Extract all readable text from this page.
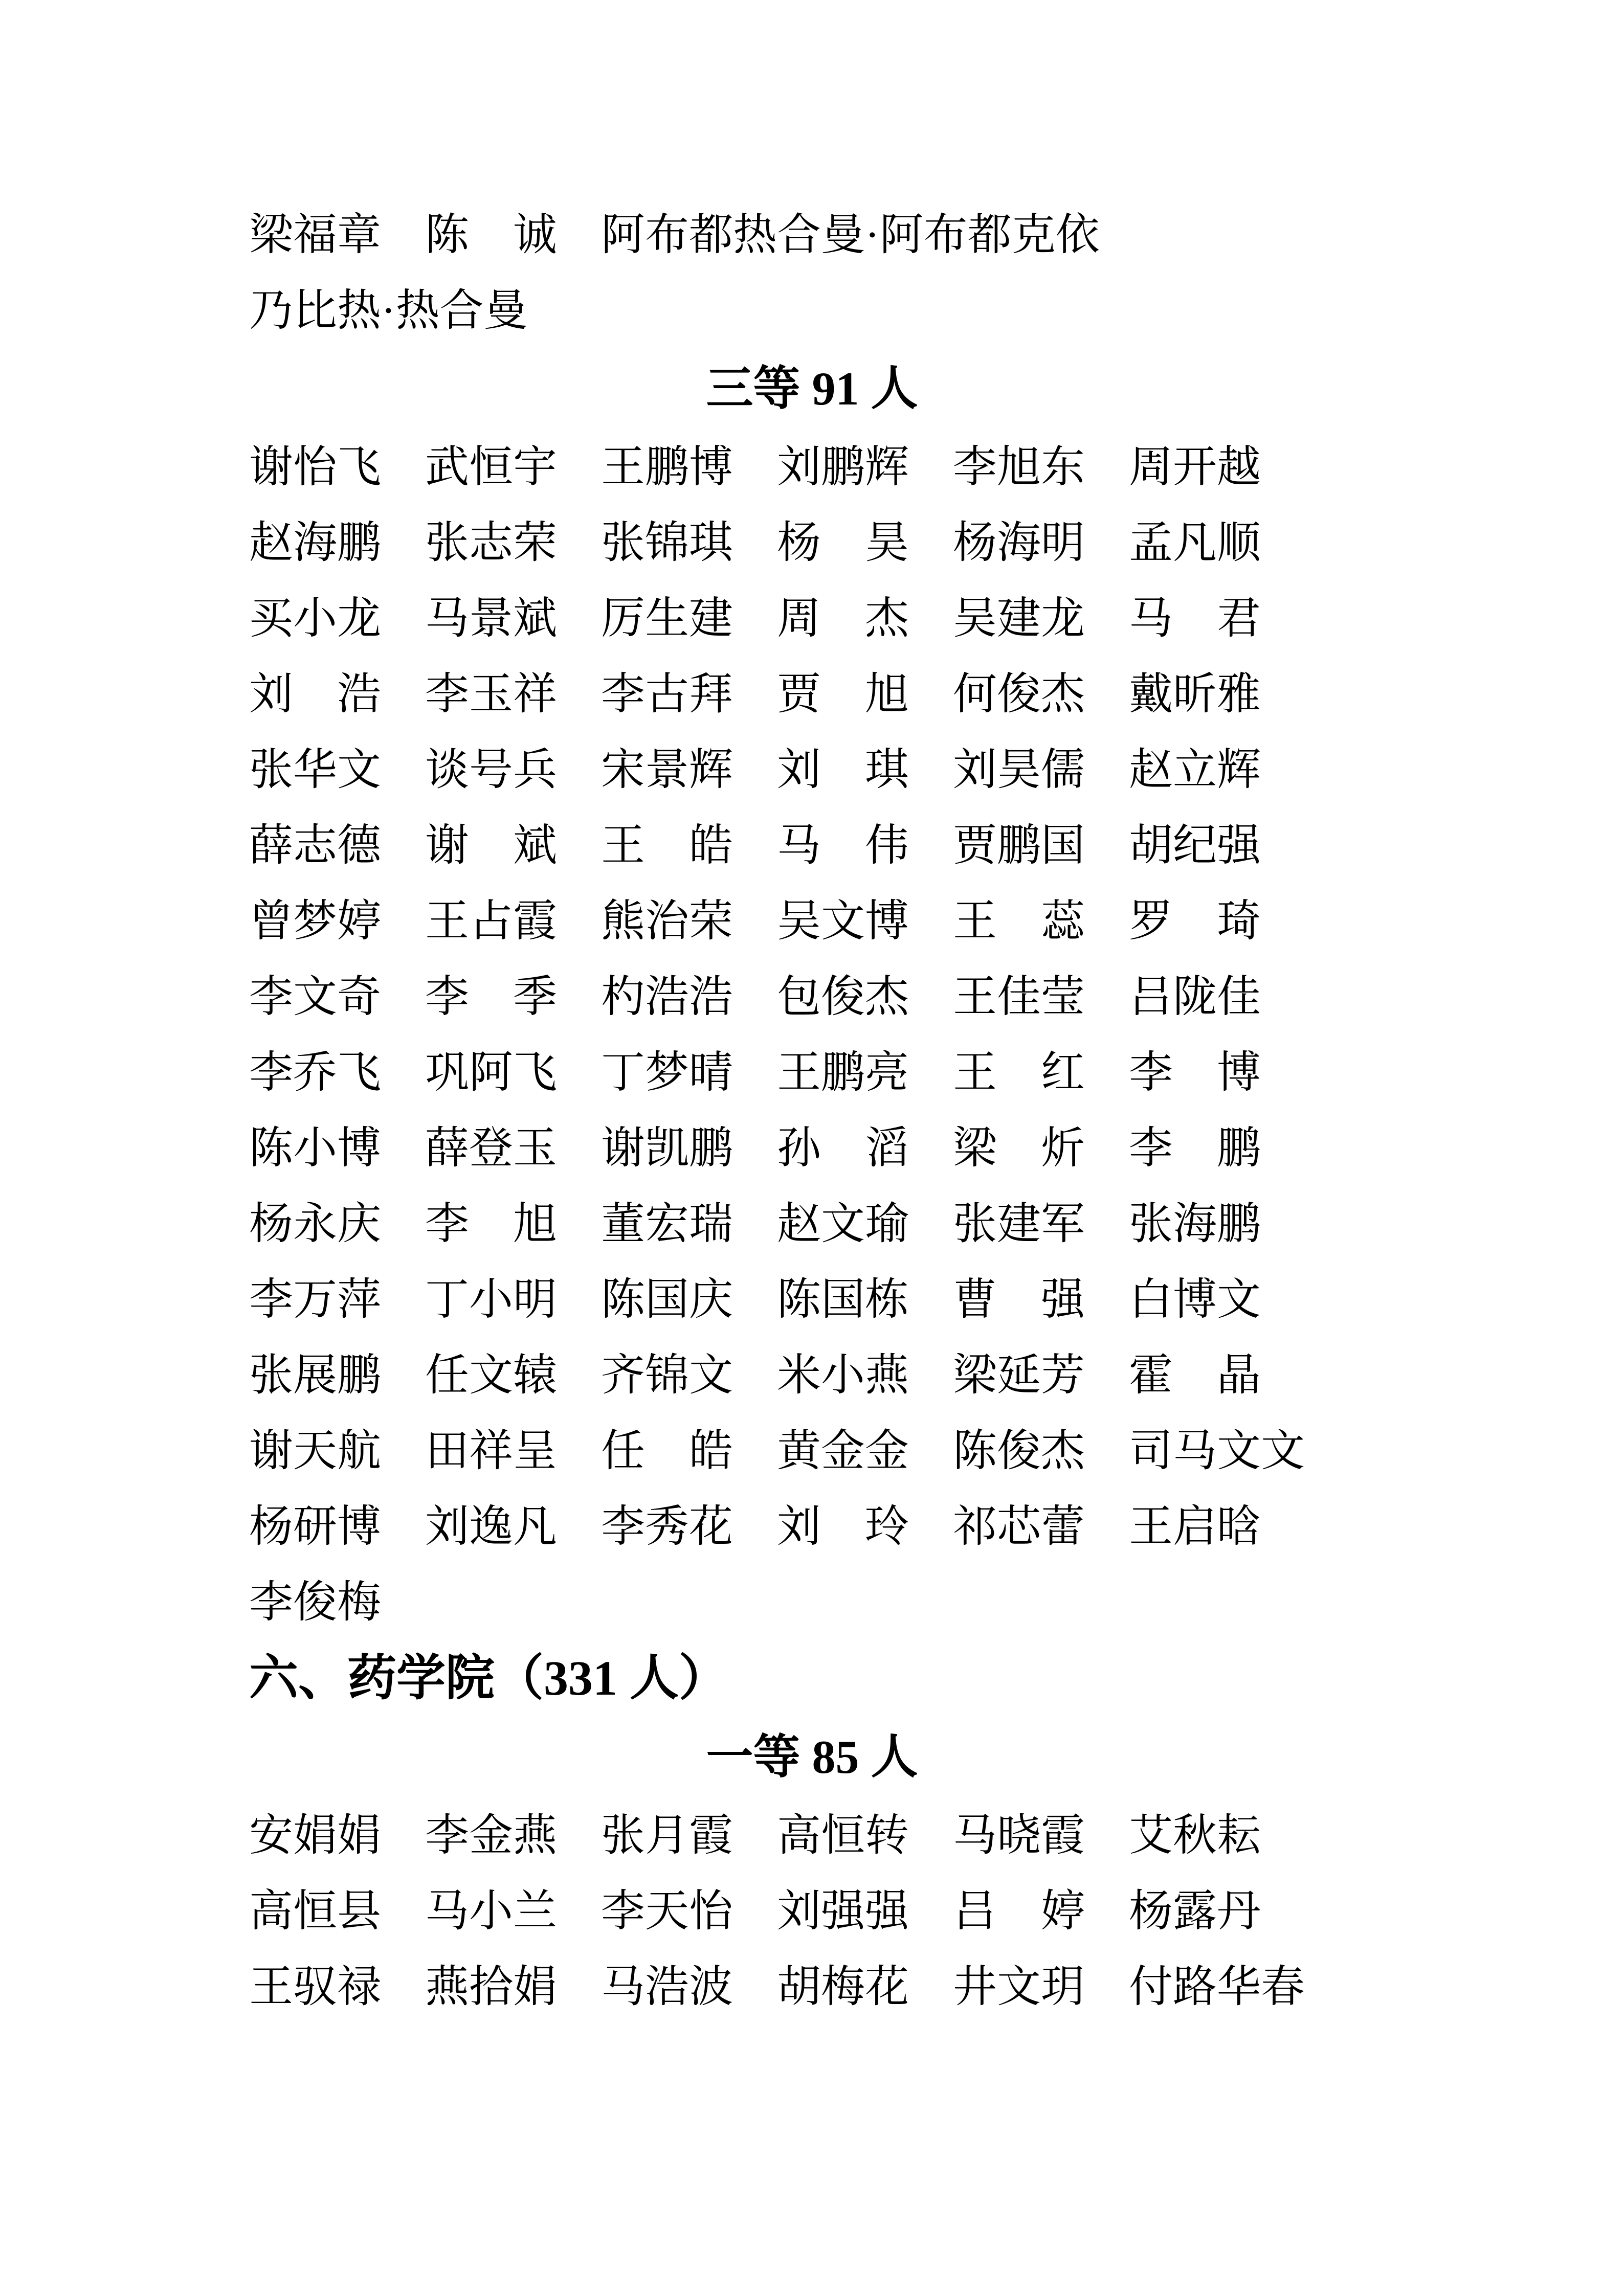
梁福章	陈　诚	阿布都热合曼·阿布都克依
乃比热·热合曼
三等 91 人
谢怡飞	武恒宇	王鹏博	刘鹏辉	李旭东	周开越
赵海鹏	张志荣	张锦琪	杨　昊	杨海明	孟凡顺
买小龙	马景斌	厉生建	周　杰	吴建龙	马　君
刘　浩	李玉祥	李古拜	贾　旭	何俊杰	戴昕雅
张华文	谈号兵	宋景辉	刘　琪	刘昊儒	赵立辉
薛志德	谢　斌	王　皓	马　伟	贾鹏国	胡纪强
曾梦婷	王占霞	熊治荣	吴文博	王　蕊	罗　琦
李文奇	李　季	杓浩浩	包俊杰	王佳莹	吕陇佳
李乔飞	巩阿飞	丁梦晴	王鹏亮	王　红	李　博
陈小博	薛登玉	谢凯鹏	孙　滔	梁　炘	李　鹏
杨永庆	李　旭	董宏瑞	赵文瑜	张建军	张海鹏
李万萍	丁小明	陈国庆	陈国栋	曹　强	白博文
张展鹏	任文辕	齐锦文	米小燕	梁延芳	霍　晶
谢天航	田祥呈	任　皓	黄金金	陈俊杰	司马文文
杨研博	刘逸凡	李秀花	刘　玲	祁芯蕾	王启晗
李俊梅
六、药学院（331 人）
一等 85 人
安娟娟	李金燕	张月霞	高恒转	马晓霞	艾秋耘
高恒县	马小兰	李天怡	刘强强	吕　婷	杨露丹
王驭禄	燕拾娟	马浩波	胡梅花	井文玥	付路华春
